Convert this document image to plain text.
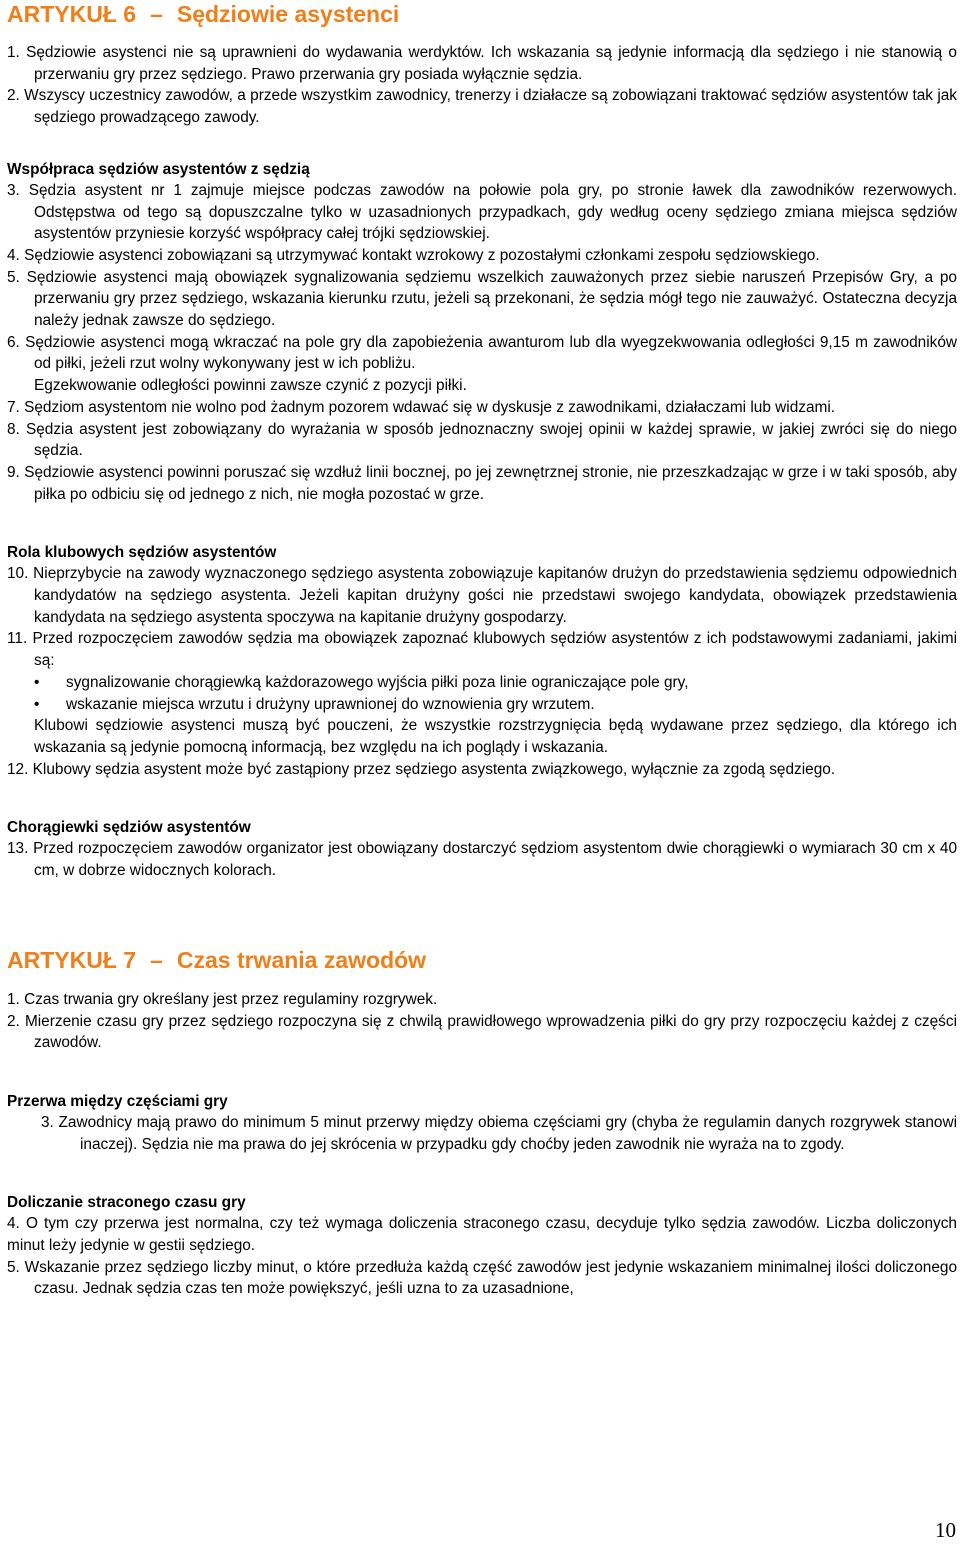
ARTYKUŁ 6 – Sędziowie asystenci
1. Sędziowie asystenci nie są uprawnieni do wydawania werdyktów. Ich wskazania są jedynie informacją dla sędziego i nie stanowią o przerwaniu gry przez sędziego. Prawo przerwania gry posiada wyłącznie sędzia.
2. Wszyscy uczestnicy zawodów, a przede wszystkim zawodnicy, trenerzy i działacze są zobowiązani traktować sędziów asystentów tak jak sędziego prowadzącego zawody.
Współpraca sędziów asystentów z sędzią
3. Sędzia asystent nr 1 zajmuje miejsce podczas zawodów na połowie pola gry, po stronie ławek dla zawodników rezerwowych. Odstępstwa od tego są dopuszczalne tylko w uzasadnionych przypadkach, gdy według oceny sędziego zmiana miejsca sędziów asystentów przyniesie korzyść współpracy całej trójki sędziowskiej.
4. Sędziowie asystenci zobowiązani są utrzymywać kontakt wzrokowy z pozostałymi członkami zespołu sędziowskiego.
5. Sędziowie asystenci mają obowiązek sygnalizowania sędziemu wszelkich zauważonych przez siebie naruszeń Przepisów Gry, a po przerwaniu gry przez sędziego, wskazania kierunku rzutu, jeżeli są przekonani, że sędzia mógł tego nie zauważyć. Ostateczna decyzja należy jednak zawsze do sędziego.
6. Sędziowie asystenci mogą wkraczać na pole gry dla zapobieżenia awanturom lub dla wyegzekwowania odległości 9,15 m zawodników od piłki, jeżeli rzut wolny wykonywany jest w ich pobliżu.
Egzekwowanie odległości powinni zawsze czynić z pozycji piłki.
7. Sędziom asystentom nie wolno pod żadnym pozorem wdawać się w dyskusje z zawodnikami, działaczami lub widzami.
8. Sędzia asystent jest zobowiązany do wyrażania w sposób jednoznaczny swojej opinii w każdej sprawie, w jakiej zwróci się do niego sędzia.
9. Sędziowie asystenci powinni poruszać się wzdłuż linii bocznej, po jej zewnętrznej stronie, nie przeszkadzając w grze i w taki sposób, aby piłka po odbiciu się od jednego z nich, nie mogła pozostać w grze.
Rola klubowych sędziów asystentów
10. Nieprzybycie na zawody wyznaczonego sędziego asystenta zobowiązuje kapitanów drużyn do przedstawienia sędziemu odpowiednich kandydatów na sędziego asystenta. Jeżeli kapitan drużyny gości nie przedstawi swojego kandydata, obowiązek przedstawienia kandydata na sędziego asystenta spoczywa na kapitanie drużyny gospodarzy.
11. Przed rozpoczęciem zawodów sędzia ma obowiązek zapoznać klubowych sędziów asystentów z ich podstawowymi zadaniami, jakimi są:
• sygnalizowanie chorągiewką każdorazowego wyjścia piłki poza linie ograniczające pole gry,
• wskazanie miejsca wrzutu i drużyny uprawnionej do wznowienia gry wrzutem.
Klubowi sędziowie asystenci muszą być pouczeni, że wszystkie rozstrzygnięcia będą wydawane przez sędziego, dla którego ich wskazania są jedynie pomocną informacją, bez względu na ich poglądy i wskazania.
12. Klubowy sędzia asystent może być zastąpiony przez sędziego asystenta związkowego, wyłącznie za zgodą sędziego.
Chorągiewki sędziów asystentów
13. Przed rozpoczęciem zawodów organizator jest obowiązany dostarczyć sędziom asystentom dwie chorągiewki o wymiarach 30 cm x 40 cm, w dobrze widocznych kolorach.
ARTYKUŁ 7 – Czas trwania zawodów
1. Czas trwania gry określany jest przez regulaminy rozgrywek.
2. Mierzenie czasu gry przez sędziego rozpoczyna się z chwilą prawidłowego wprowadzenia piłki do gry przy rozpoczęciu każdej z części zawodów.
Przerwa między częściami gry
3. Zawodnicy mają prawo do minimum 5 minut przerwy między obiema częściami gry (chyba że regulamin danych rozgrywek stanowi inaczej). Sędzia nie ma prawa do jej skrócenia w przypadku gdy choćby jeden zawodnik nie wyraża na to zgody.
Doliczanie straconego czasu gry
4. O tym czy przerwa jest normalna, czy też wymaga doliczenia straconego czasu, decyduje tylko sędzia zawodów. Liczba doliczonych minut leży jedynie w gestii sędziego.
5. Wskazanie przez sędziego liczby minut, o które przedłuża każdą część zawodów jest jedynie wskazaniem minimalnej ilości doliczonego czasu. Jednak sędzia czas ten może powiększyć, jeśli uzna to za uzasadnione,
10
